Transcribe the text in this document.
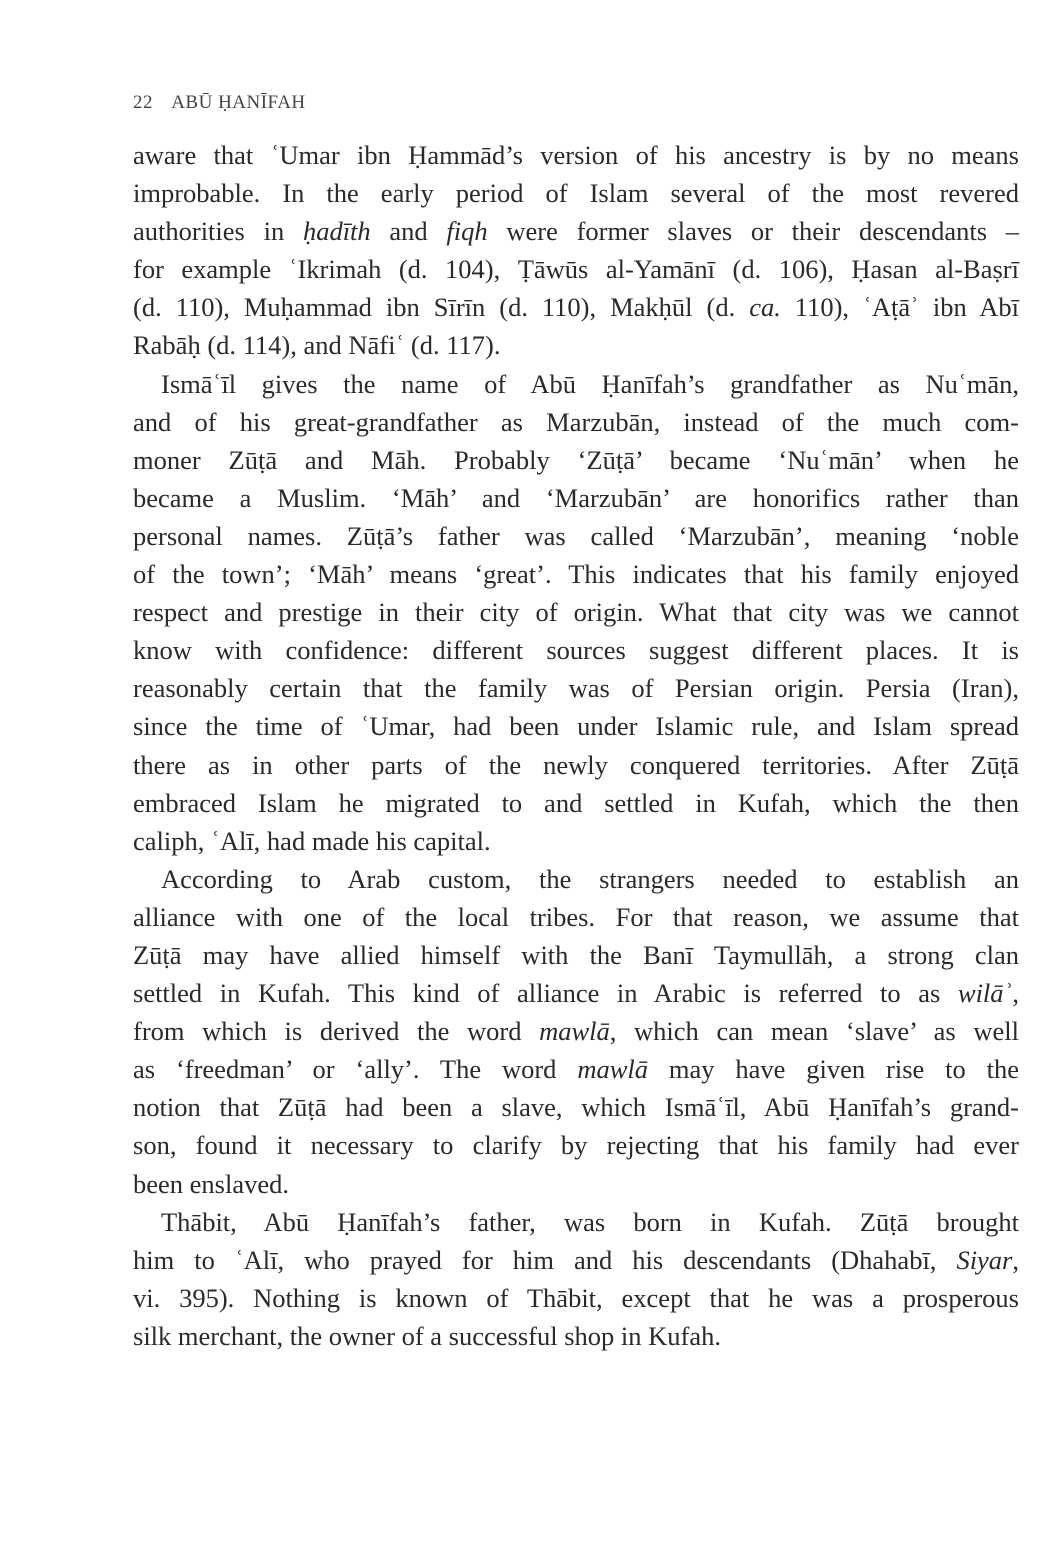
22 ABŪ ḤANĪFAH
aware that ʿUmar ibn Ḥammād’s version of his ancestry is by no means
improbable. In the early period of Islam several of the most revered
authorities in ḥadīth and fiqh were former slaves or their descendants –
for example ʿIkrimah (d. 104), Ṭāwūs al-Yamānī (d. 106), Ḥasan al-Baṣrī
(d. 110), Muḥammad ibn Sīrīn (d. 110), Makḥūl (d. ca. 110), ʿAṭāʾ ibn Abī
Rabāḥ (d. 114), and Nāfiʿ (d. 117).
Ismāʿīl gives the name of Abū Ḥanīfah’s grandfather as Nuʿmān,
and of his great-grandfather as Marzubān, instead of the much com-
moner Zūṭā and Māh. Probably ‘Zūṭā’ became ‘Nuʿmān’ when he
became a Muslim. ‘Māh’ and ‘Marzubān’ are honorifics rather than
personal names. Zūṭā’s father was called ‘Marzubān’, meaning ‘noble
of the town’; ‘Māh’ means ‘great’. This indicates that his family enjoyed
respect and prestige in their city of origin. What that city was we cannot
know with confidence: different sources suggest different places. It is
reasonably certain that the family was of Persian origin. Persia (Iran),
since the time of ʿUmar, had been under Islamic rule, and Islam spread
there as in other parts of the newly conquered territories. After Zūṭā
embraced Islam he migrated to and settled in Kufah, which the then
caliph, ʿAlī, had made his capital.
According to Arab custom, the strangers needed to establish an
alliance with one of the local tribes. For that reason, we assume that
Zūṭā may have allied himself with the Banī Taymullāh, a strong clan
settled in Kufah. This kind of alliance in Arabic is referred to as wilāʾ,
from which is derived the word mawlā, which can mean ‘slave’ as well
as ‘freedman’ or ‘ally’. The word mawlā may have given rise to the
notion that Zūṭā had been a slave, which Ismāʿīl, Abū Ḥanīfah’s grand-
son, found it necessary to clarify by rejecting that his family had ever
been enslaved.
Thābit, Abū Ḥanīfah’s father, was born in Kufah. Zūṭā brought
him to ʿAlī, who prayed for him and his descendants (Dhahabī, Siyar,
vi. 395). Nothing is known of Thābit, except that he was a prosperous
silk merchant, the owner of a successful shop in Kufah.
